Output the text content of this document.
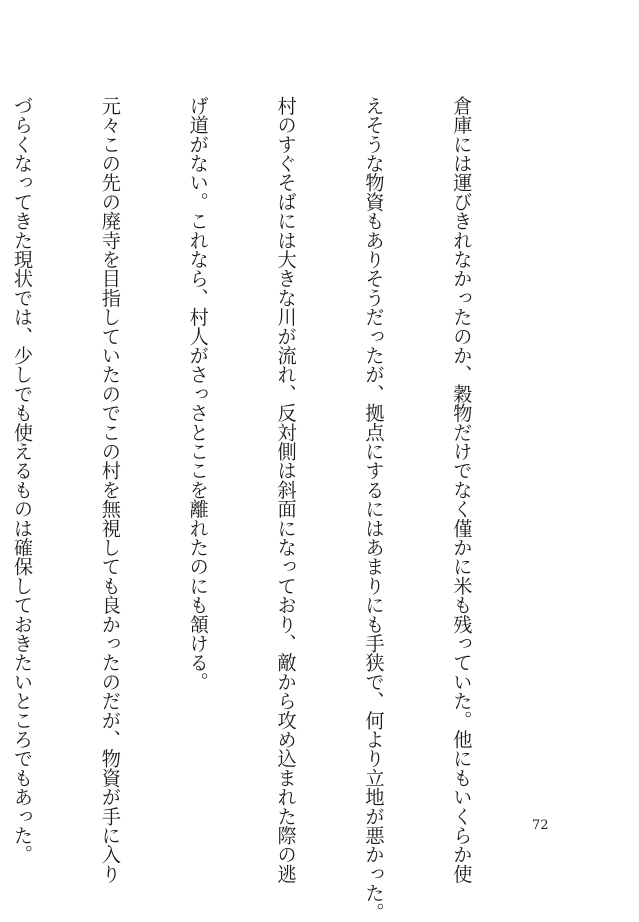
倉庫には運びきれなかったのか、穀物だけでなく僅かに米も残っていた。他にもいくらか使

えそうな物資もありそうだったが、拠点にするにはあまりにも手狭で、何より立地が悪かった。

村のすぐそばには大きな川が流れ、反対側は斜面になっており、敵から攻め込まれた際の逃

げ道がない。これなら、村人がさっさとここを離れたのにも頷ける。

元々この先の廃寺を目指していたのでこの村を無視しても良かったのだが、物資が手に入り

づらくなってきた現状では、少しでも使えるものは確保しておきたいところでもあった。

	72
